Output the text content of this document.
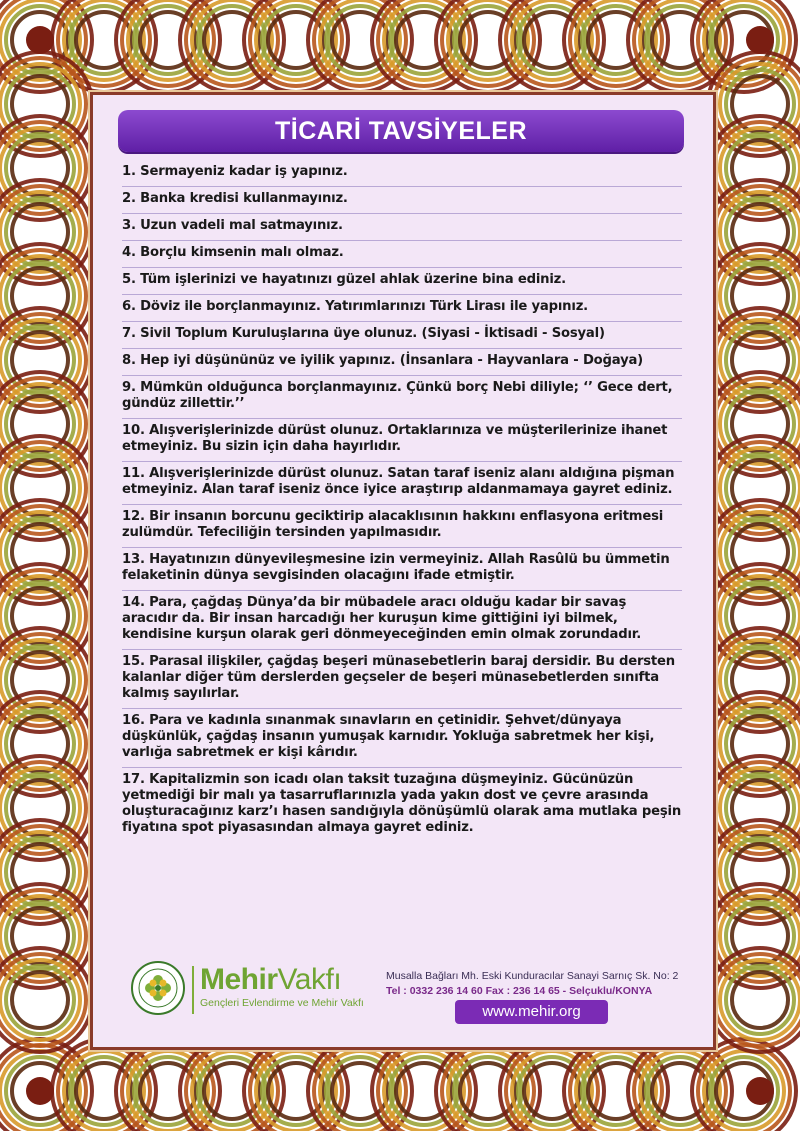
TİCARİ TAVSİYELER
1. Sermayeniz kadar iş yapınız.
2. Banka kredisi kullanmayınız.
3. Uzun vadeli mal satmayınız.
4. Borçlu kimsenin malı olmaz.
5. Tüm işlerinizi ve hayatınızı güzel ahlak üzerine bina ediniz.
6. Döviz ile borçlanmayınız. Yatırımlarınızı Türk Lirası ile yapınız.
7. Sivil Toplum Kuruluşlarına üye olunuz. (Siyasi - İktisadi - Sosyal)
8. Hep iyi düşününüz ve iyilik yapınız. (İnsanlara - Hayvanlara - Doğaya)
9. Mümkün olduğunca borçlanmayınız. Çünkü borç Nebi diliyle; ‘’ Gece dert, gündüz zillettir.’’
10. Alışverişlerinizde dürüst olunuz. Ortaklarınıza ve müşterilerinize ihanet etmeyiniz. Bu sizin için daha hayırlıdır.
11. Alışverişlerinizde dürüst olunuz. Satan taraf iseniz alanı aldığına pişman etmeyiniz. Alan taraf iseniz önce iyice araştırıp aldanmamaya gayret ediniz.
12. Bir insanın borcunu geciktirip alacaklısının hakkını enflasyona eritmesi zulümdür. Tefeciliğin tersinden yapılmasıdır.
13. Hayatınızın dünyevileşmesine izin vermeyiniz. Allah Rasûlü bu ümmetin felaketinin dünya sevgisinden olacağını ifade etmiştir.
14. Para, çağdaş Dünya’da bir mübadele aracı olduğu kadar bir savaş aracıdır da. Bir insan harcadığı her kuruşun kime gittiğini iyi bilmek, kendisine kurşun olarak geri dönmeyeceğinden emin olmak zorundadır.
15. Parasal ilişkiler, çağdaş beşeri münasebetlerin baraj dersidir. Bu dersten kalanlar diğer tüm derslerden geçseler de beşeri münasebetlerden sınıfta kalmış sayılırlar.
16. Para ve kadınla sınanmak sınavların en çetinidir. Şehvet/dünyaya düşkünlük, çağdaş insanın yumuşak karnıdır. Yokluğa sabretmek her kişi, varlığa sabretmek er kişi kârıdır.
17. Kapitalizmin son icadı olan taksit tuzağına düşmeyiniz. Gücünüzün yetmediği bir malı ya tasarruflarınızla yada yakın dost ve çevre arasında oluşturacağınız karz’ı hasen sandığıyla dönüşümlü olarak ama mutlaka peşin fiyatına spot piyasasından almaya gayret ediniz.
MehirVakfı
Gençleri Evlendirme ve Mehir Vakfı
Musalla Bağları Mh. Eski Kunduracılar Sanayi Sarnıç Sk. No: 2
Tel : 0332 236 14 60 Fax : 236 14 65 - Selçuklu/KONYA
www.mehir.org
